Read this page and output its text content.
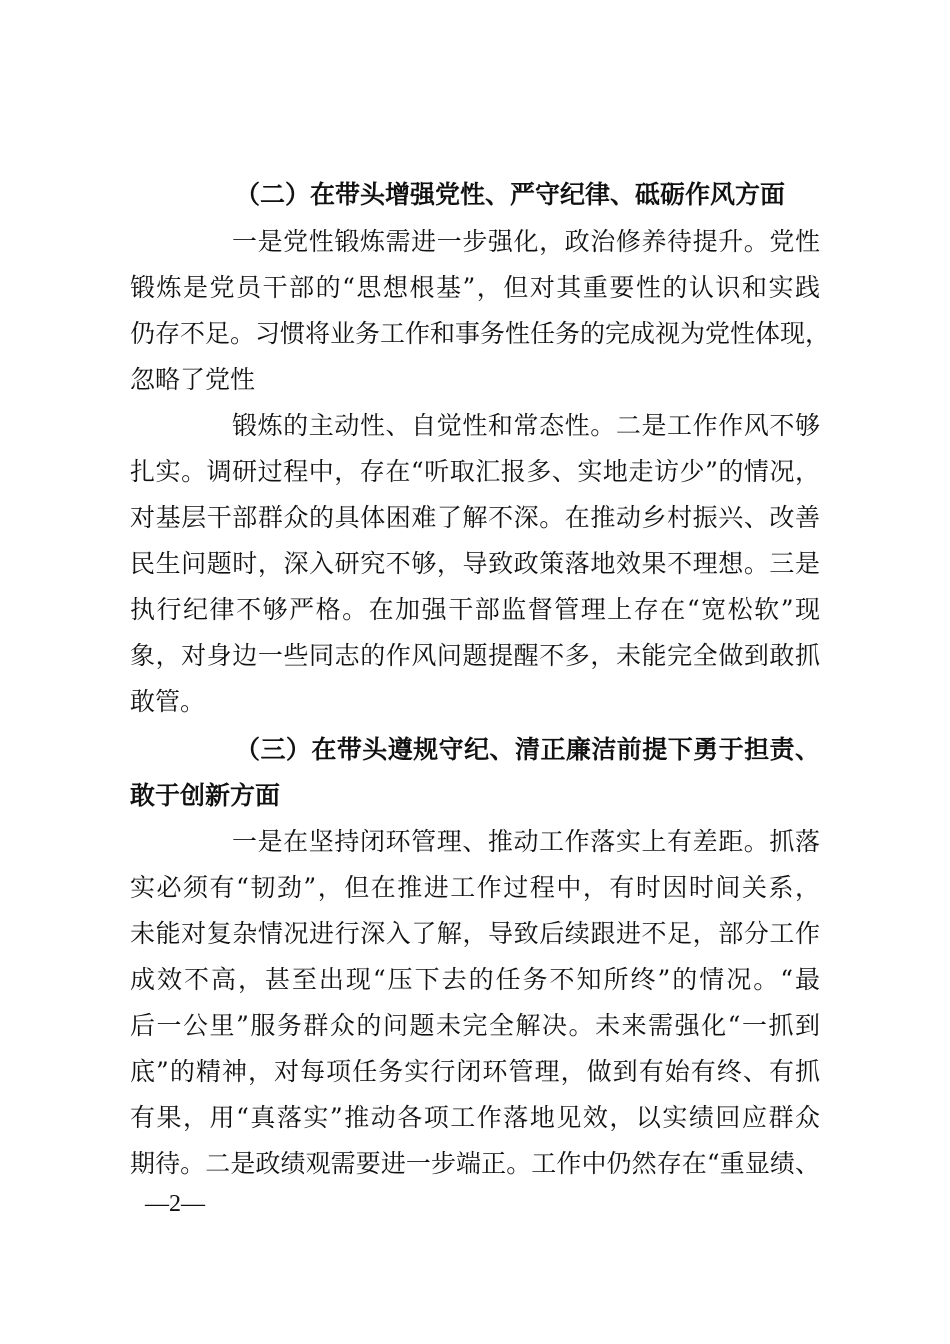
（二）在带头增强党性、严守纪律、砥砺作风方面
一是党性锻炼需进一步强化，政治修养待提升。党性
锻炼是党员干部的“思想根基”，但对其重要性的认识和实践
仍存不足。习惯将业务工作和事务性任务的完成视为党性体现，
忽略了党性
锻炼的主动性、自觉性和常态性。二是工作作风不够
扎实。调研过程中，存在“听取汇报多、实地走访少”的情况，
对基层干部群众的具体困难了解不深。在推动乡村振兴、改善
民生问题时，深入研究不够，导致政策落地效果不理想。三是
执行纪律不够严格。在加强干部监督管理上存在“宽松软”现
象，对身边一些同志的作风问题提醒不多，未能完全做到敢抓
敢管。
（三）在带头遵规守纪、清正廉洁前提下勇于担责、
敢于创新方面
一是在坚持闭环管理、推动工作落实上有差距。抓落
实必须有“韧劲”，但在推进工作过程中，有时因时间关系，
未能对复杂情况进行深入了解，导致后续跟进不足，部分工作
成效不高，甚至出现“压下去的任务不知所终”的情况。“最
后一公里”服务群众的问题未完全解决。未来需强化“一抓到
底”的精神，对每项任务实行闭环管理，做到有始有终、有抓
有果，用“真落实”推动各项工作落地见效，以实绩回应群众
期待。二是政绩观需要进一步端正。工作中仍然存在“重显绩、
—2—
